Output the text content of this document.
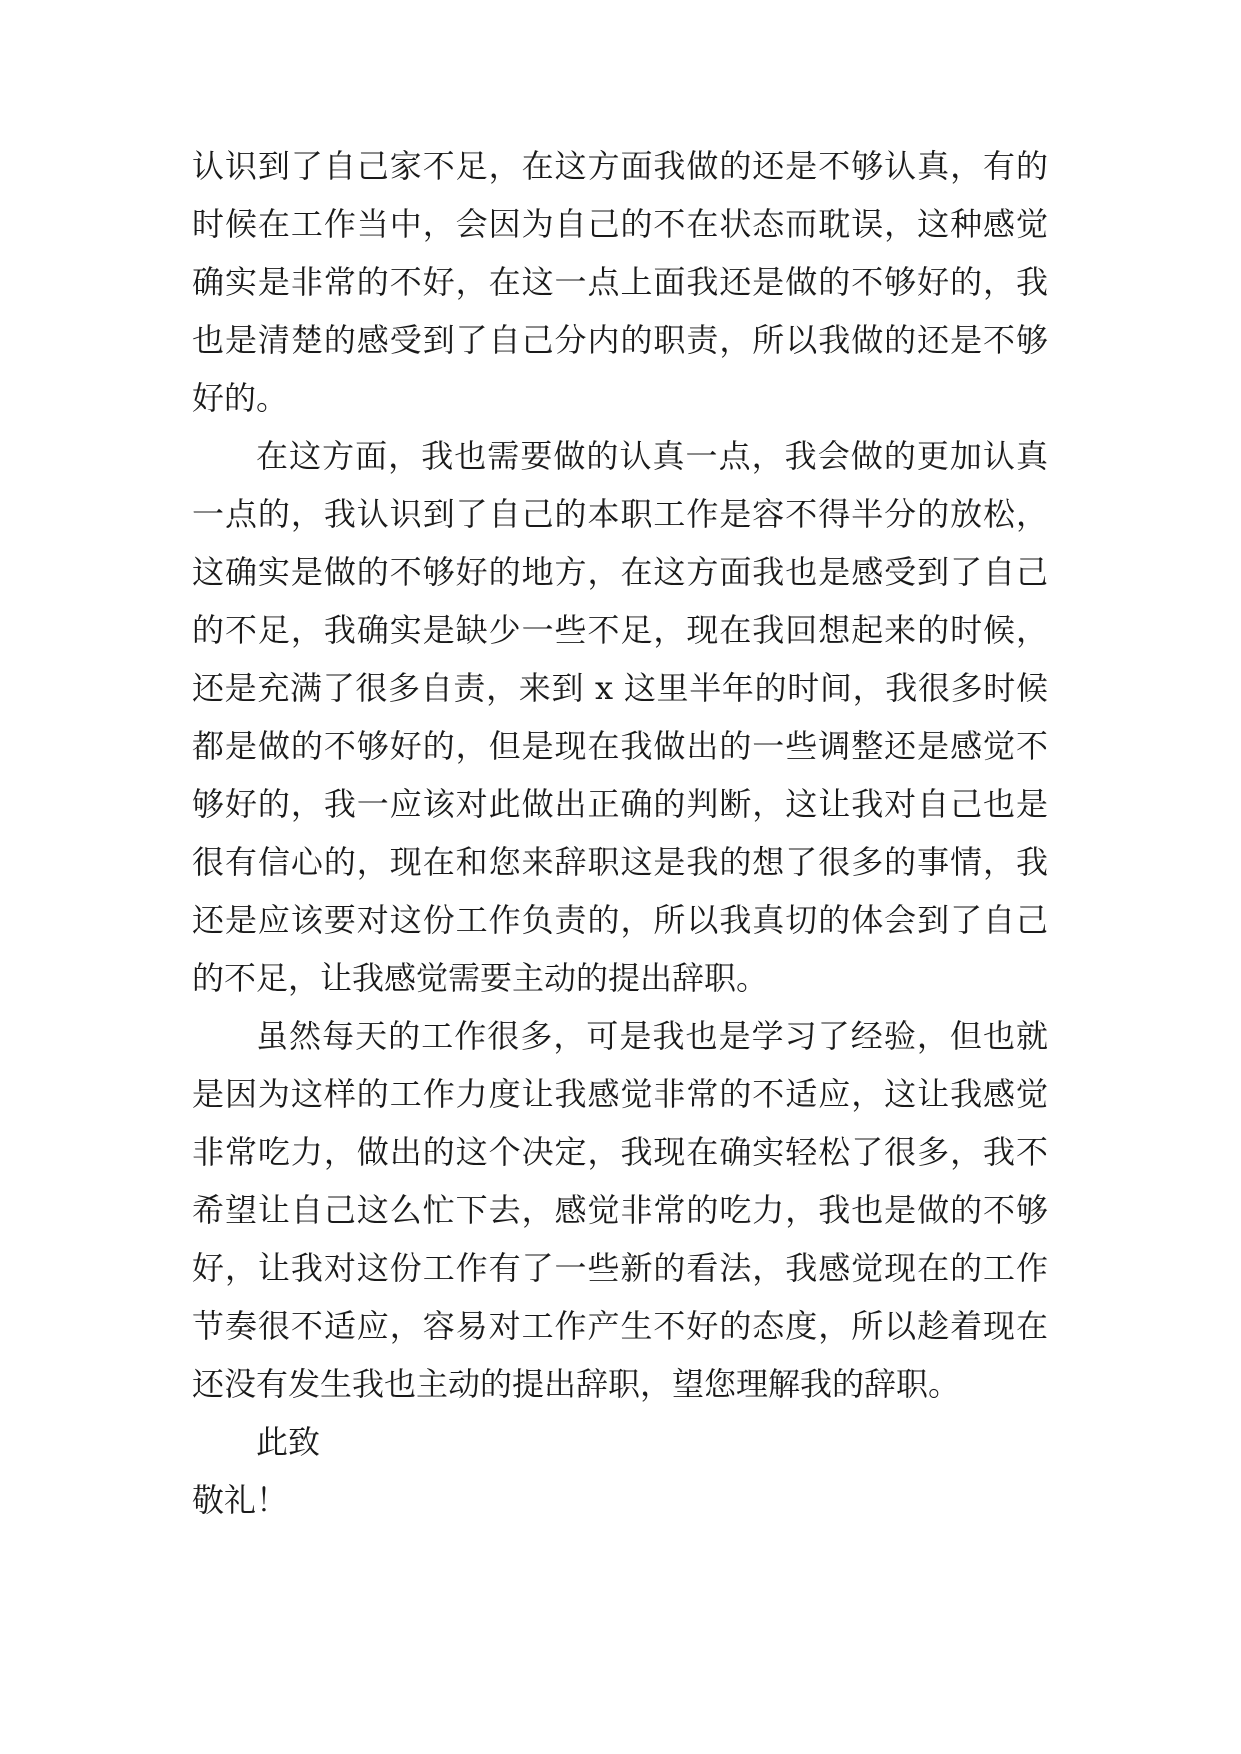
认识到了自己家不足，在这方面我做的还是不够认真，有的
时候在工作当中，会因为自己的不在状态而耽误，这种感觉
确实是非常的不好，在这一点上面我还是做的不够好的，我
也是清楚的感受到了自己分内的职责，所以我做的还是不够
好的。
在这方面，我也需要做的认真一点，我会做的更加认真
一点的，我认识到了自己的本职工作是容不得半分的放松，
这确实是做的不够好的地方，在这方面我也是感受到了自己
的不足，我确实是缺少一些不足，现在我回想起来的时候，
还是充满了很多自责，来到 x 这里半年的时间，我很多时候
都是做的不够好的，但是现在我做出的一些调整还是感觉不
够好的，我一应该对此做出正确的判断，这让我对自己也是
很有信心的，现在和您来辞职这是我的想了很多的事情，我
还是应该要对这份工作负责的，所以我真切的体会到了自己
的不足，让我感觉需要主动的提出辞职。
虽然每天的工作很多，可是我也是学习了经验，但也就
是因为这样的工作力度让我感觉非常的不适应，这让我感觉
非常吃力，做出的这个决定，我现在确实轻松了很多，我不
希望让自己这么忙下去，感觉非常的吃力，我也是做的不够
好，让我对这份工作有了一些新的看法，我感觉现在的工作
节奏很不适应，容易对工作产生不好的态度，所以趁着现在
还没有发生我也主动的提出辞职，望您理解我的辞职。
此致
敬礼！
